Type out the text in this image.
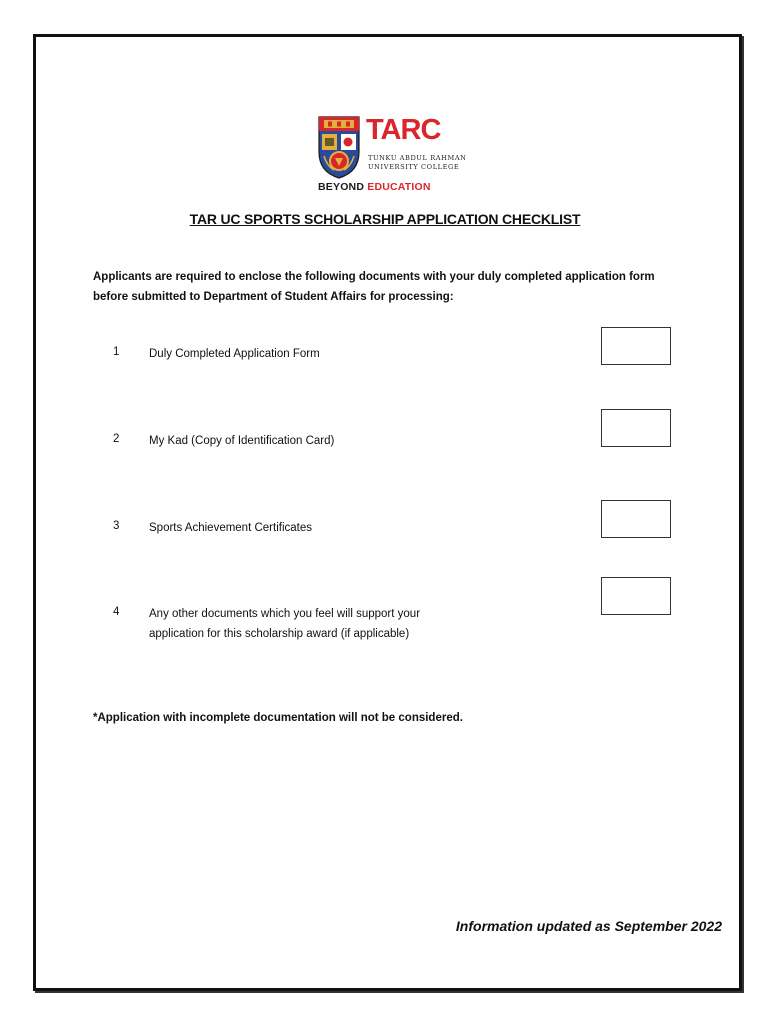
TARC
TUNKU ABDUL RAHMAN
UNIVERSITY COLLEGE
BEYOND EDUCATION
TAR UC SPORTS SCHOLARSHIP APPLICATION CHECKLIST
Applicants are required to enclose the following documents with your duly completed application form before submitted to Department of Student Affairs for processing:
1	Duly Completed Application Form
2	My Kad (Copy of Identification Card)
3	Sports Achievement Certificates
4	Any other documents which you feel will support your application for this scholarship award (if applicable)
*Application with incomplete documentation will not be considered.
Information updated as September 2022
